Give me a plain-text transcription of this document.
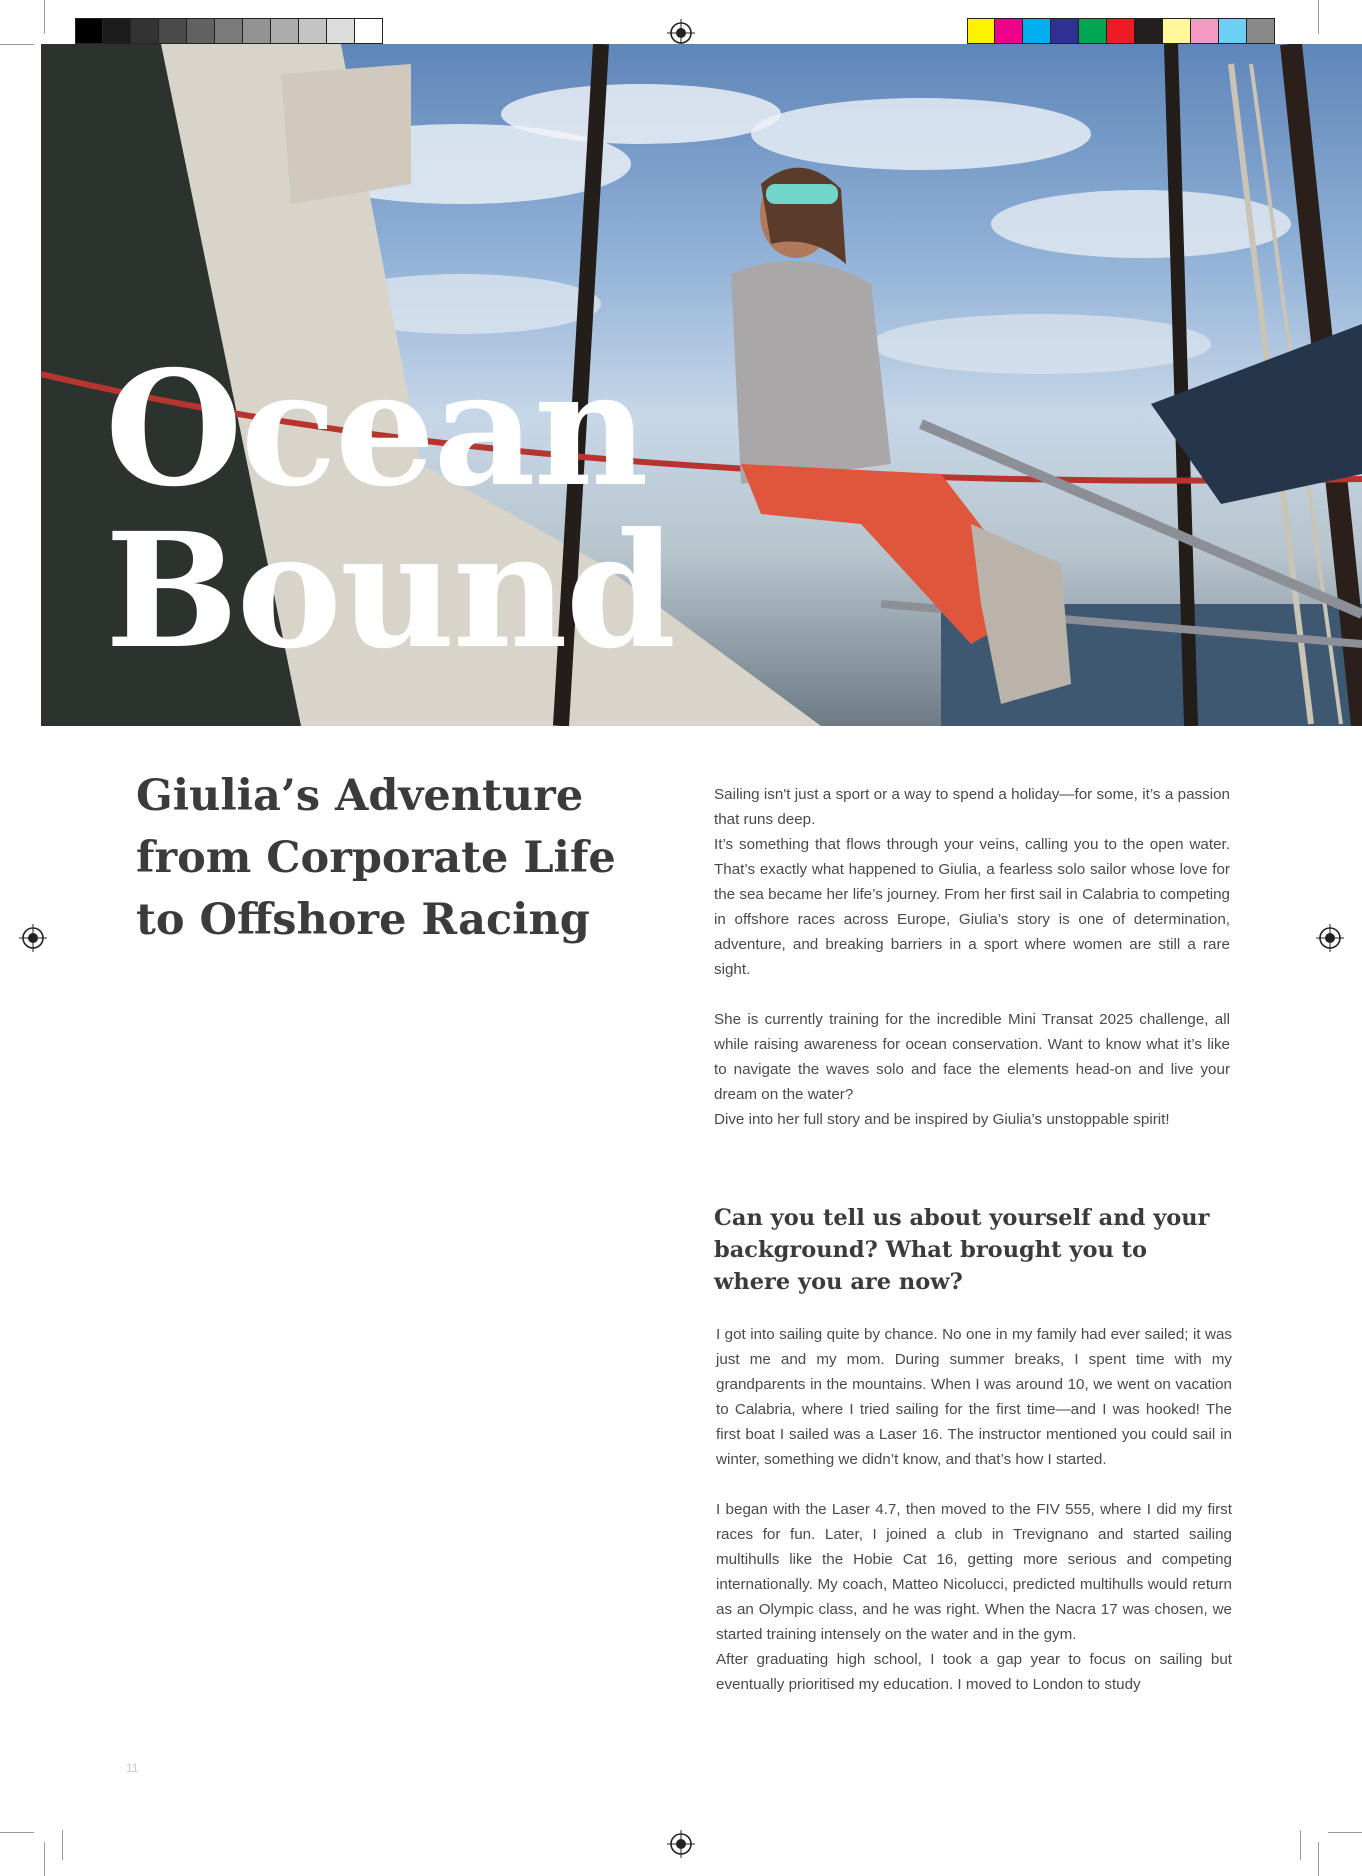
Ocean
Bound
Giulia’s Adventure from Corporate Life to Offshore Racing

Sailing isn't just a sport or a way to spend a holiday—for some, it’s a passion that runs deep.

It’s something that flows through your veins, calling you to the open water. That’s exactly what happened to Giulia, a fearless solo sailor whose love for the sea became her life’s journey. From her first sail in Calabria to competing in offshore races across Europe, Giulia’s story is one of determination, adventure, and breaking barriers in a sport where women are still a rare sight.

She is currently training for the incredible Mini Transat 2025 challenge, all while raising awareness for ocean conservation. Want to know what it’s like to navigate the waves solo and face the elements head-on and live your dream on the water?

Dive into her full story and be inspired by Giulia’s unstoppable spirit!

Can you tell us about yourself and your background? What brought you to where you are now?

I got into sailing quite by chance. No one in my family had ever sailed; it was just me and my mom. During summer breaks, I spent time with my grandparents in the mountains. When I was around 10, we went on vacation to Calabria, where I tried sailing for the first time—and I was hooked! The first boat I sailed was a Laser 16. The instructor mentioned you could sail in winter, something we didn’t know, and that’s how I started.

I began with the Laser 4.7, then moved to the FIV 555, where I did my first races for fun. Later, I joined a club in Trevignano and started sailing multihulls like the Hobie Cat 16, getting more serious and competing internationally. My coach, Matteo Nicolucci, predicted multihulls would return as an Olympic class, and he was right. When the Nacra 17 was chosen, we started training intensely on the water and in the gym.

After graduating high school, I took a gap year to focus on sailing but eventually prioritised my education. I moved to London to study

11
